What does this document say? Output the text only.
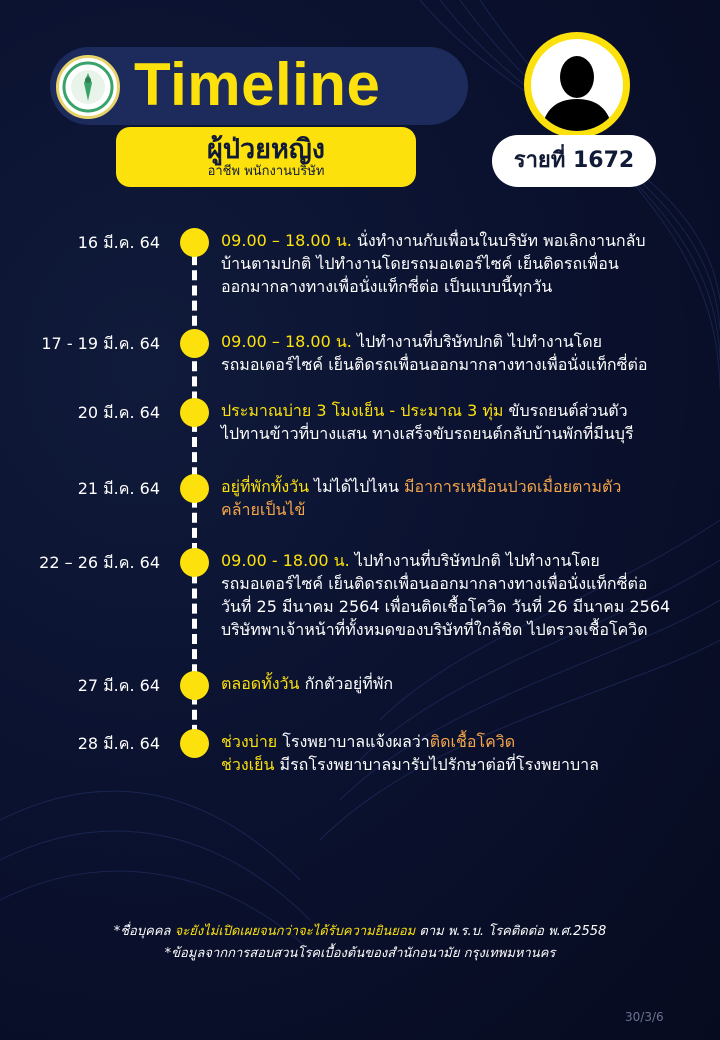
Timeline
ผู้ป่วยหญิง
อาชีพ พนักงานบริษัท	รายที่ 1672
16 มี.ค. 64	09.00 – 18.00 น. นั่งทำงานกับเพื่อนในบริษัท พอเลิกงานกลับ
บ้านตามปกติ ไปทำงานโดยรถมอเตอร์ไซค์ เย็นติดรถเพื่อน
ออกมากลางทางเพื่อนั่งแท็กซี่ต่อ เป็นแบบนี้ทุกวัน
17 - 19 มี.ค. 64	09.00 – 18.00 น. ไปทำงานที่บริษัทปกติ ไปทำงานโดย
รถมอเตอร์ไซค์ เย็นติดรถเพื่อนออกมากลางทางเพื่อนั่งแท็กซี่ต่อ
20 มี.ค. 64	ประมาณบ่าย 3 โมงเย็น - ประมาณ 3 ทุ่ม ขับรถยนต์ส่วนตัว
ไปทานข้าวที่บางแสน ทางเสร็จขับรถยนต์กลับบ้านพักที่มีนบุรี
21 มี.ค. 64	อยู่ที่พักทั้งวัน ไม่ได้ไปไหน มีอาการเหมือนปวดเมื่อยตามตัว
คล้ายเป็นไข้
22 – 26 มี.ค. 64	09.00 - 18.00 น. ไปทำงานที่บริษัทปกติ ไปทำงานโดย
รถมอเตอร์ไซค์ เย็นติดรถเพื่อนออกมากลางทางเพื่อนั่งแท็กซี่ต่อ
วันที่ 25 มีนาคม 2564 เพื่อนติดเชื้อโควิด วันที่ 26 มีนาคม 2564
บริษัทพาเจ้าหน้าที่ทั้งหมดของบริษัทที่ใกล้ชิด ไปตรวจเชื้อโควิด
27 มี.ค. 64	ตลอดทั้งวัน กักตัวอยู่ที่พัก
28 มี.ค. 64	ช่วงบ่าย โรงพยาบาลแจ้งผลว่าติดเชื้อโควิด
ช่วงเย็น มีรถโรงพยาบาลมารับไปรักษาต่อที่โรงพยาบาล
*ชื่อบุคคล จะยังไม่เปิดเผยจนกว่าจะได้รับความยินยอม ตาม พ.ร.บ. โรคติดต่อ พ.ศ.2558
*ข้อมูลจากการสอบสวนโรคเบื้องต้นของสำนักอนามัย กรุงเทพมหานคร
30/3/6
